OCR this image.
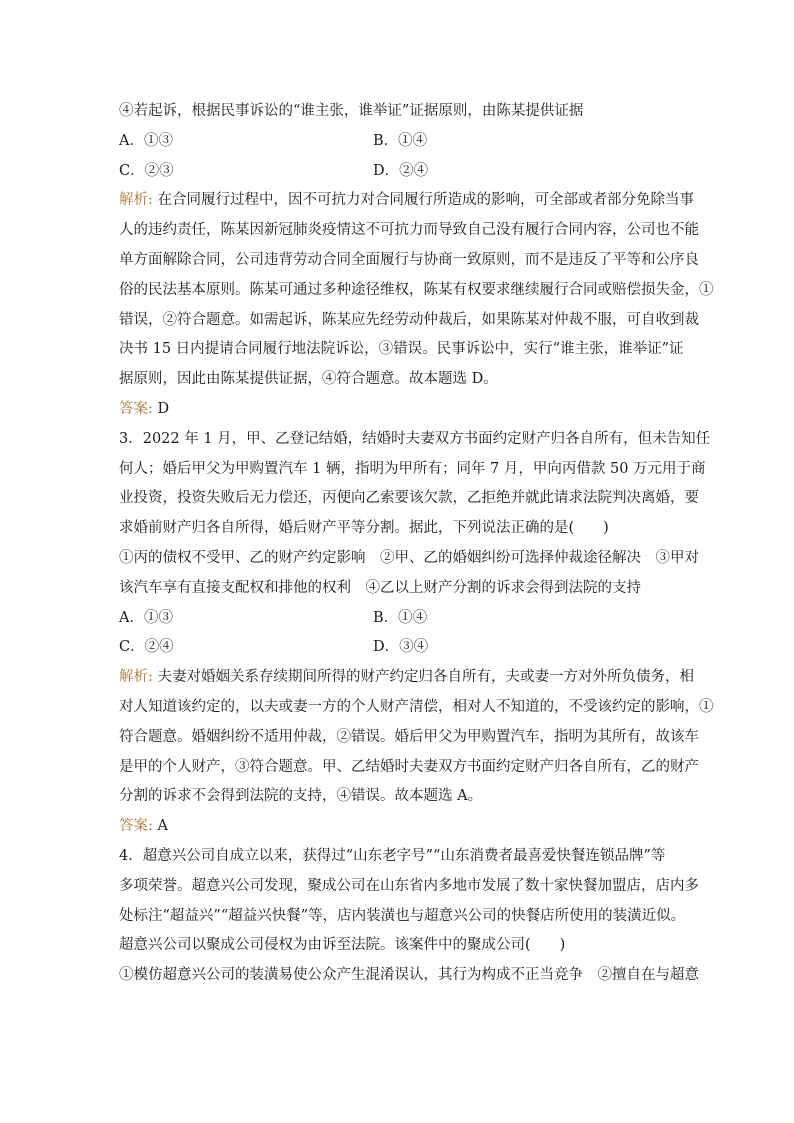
④若起诉，根据民事诉讼的“谁主张，谁举证”证据原则，由陈某提供证据
A．①③	B．①④
C．②③	D．②④
解析: 在合同履行过程中，因不可抗力对合同履行所造成的影响，可全部或者部分免除当事
人的违约责任，陈某因新冠肺炎疫情这不可抗力而导致自己没有履行合同内容，公司也不能
单方面解除合同，公司违背劳动合同全面履行与协商一致原则，而不是违反了平等和公序良
俗的民法基本原则。陈某可通过多种途径维权，陈某有权要求继续履行合同或赔偿损失金，①
错误，②符合题意。如需起诉，陈某应先经劳动仲裁后，如果陈某对仲裁不服，可自收到裁
决书 15 日内提请合同履行地法院诉讼，③错误。民事诉讼中，实行“谁主张，谁举证”证
据原则，因此由陈某提供证据，④符合题意。故本题选 D。
答案: D
3．2022 年 1 月，甲、乙登记结婚，结婚时夫妻双方书面约定财产归各自所有，但未告知任
何人；婚后甲父为甲购置汽车 1 辆，指明为甲所有；同年 7 月，甲向丙借款 50 万元用于商
业投资，投资失败后无力偿还，丙便向乙索要该欠款，乙拒绝并就此请求法院判决离婚，要
求婚前财产归各自所得，婚后财产平等分割。据此，下列说法正确的是(　　)
①丙的债权不受甲、乙的财产约定影响　②甲、乙的婚姻纠纷可选择仲裁途径解决　③甲对
该汽车享有直接支配权和排他的权利　④乙以上财产分割的诉求会得到法院的支持
A．①③	B．①④
C．②④	D．③④
解析: 夫妻对婚姻关系存续期间所得的财产约定归各自所有，夫或妻一方对外所负债务，相
对人知道该约定的，以夫或妻一方的个人财产清偿，相对人不知道的，不受该约定的影响，①
符合题意。婚姻纠纷不适用仲裁，②错误。婚后甲父为甲购置汽车，指明为其所有，故该车
是甲的个人财产，③符合题意。甲、乙结婚时夫妻双方书面约定财产归各自所有，乙的财产
分割的诉求不会得到法院的支持，④错误。故本题选 A。
答案: A
4．超意兴公司自成立以来，获得过“山东老字号”“山东消费者最喜爱快餐连锁品牌”等
多项荣誉。超意兴公司发现，聚成公司在山东省内多地市发展了数十家快餐加盟店，店内多
处标注“超益兴”“超益兴快餐”等，店内装潢也与超意兴公司的快餐店所使用的装潢近似。
超意兴公司以聚成公司侵权为由诉至法院。该案件中的聚成公司(　　)
①模仿超意兴公司的装潢易使公众产生混淆误认，其行为构成不正当竞争　②擅自在与超意
